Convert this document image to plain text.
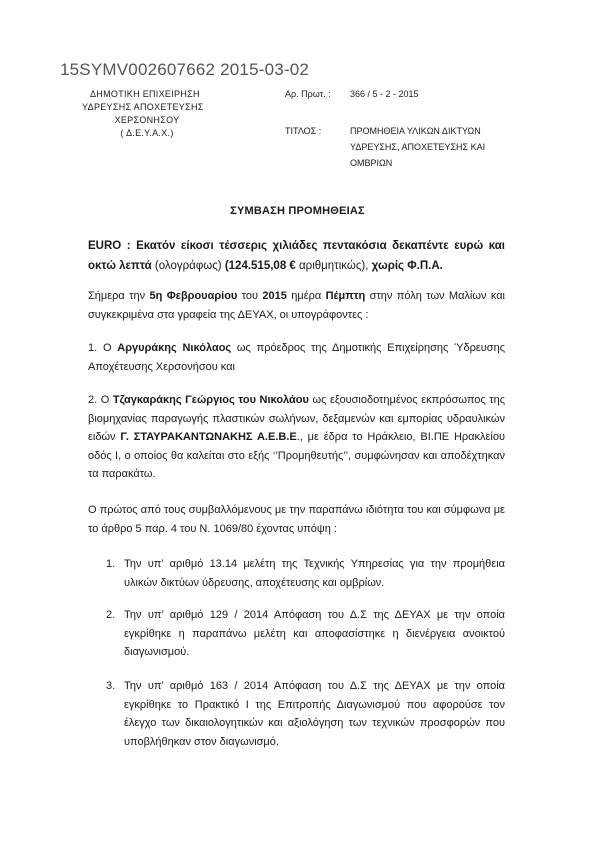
15SYMV002607662 2015-03-02
ΔΗΜΟΤΙΚΗ ΕΠΙΧΕΙΡΗΣΗ
ΥΔΡΕΥΣΗΣ ΑΠΟΧΕΤΕΥΣΗΣ
ΧΕΡΣΟΝΗΣΟΥ
( Δ.Ε.Υ.Α.Χ.)
Αρ. Πρωτ. : 366 / 5 - 2 - 2015
ΤΙΤΛΟΣ :	ΠΡΟΜΗΘΕΙΑ ΥΛΙΚΩΝ ΔΙΚΤΥΩΝ
ΥΔΡΕΥΣΗΣ, ΑΠΟΧΕΤΕΥΣΗΣ ΚΑΙ
ΟΜΒΡΙΩΝ
ΣΥΜΒΑΣΗ ΠΡΟΜΗΘΕΙΑΣ
EURO : Εκατόν είκοσι τέσσερις χιλιάδες πεντακόσια δεκαπέντε ευρώ και οκτώ λεπτά (ολογράφως) (124.515,08 € αριθμητικώς), χωρίς Φ.Π.Α.
Σήμερα την 5η Φεβρουαρίου του 2015 ημέρα Πέμπτη στην πόλη των Μαλίων και συγκεκριμένα στα γραφεία της ΔΕΥΑΧ, οι υπογράφοντες :
1. Ο Αργυράκης Νικόλαος ως πρόεδρος της Δημοτικής Επιχείρησης Ύδρευσης Αποχέτευσης Χερσονήσου και
2. Ο Τζαγκαράκης Γεώργιος του Νικολάου ως εξουσιοδοτημένος εκπρόσωπος της βιομηχανίας παραγωγής πλαστικών σωλήνων, δεξαμενών και εμπορίας υδραυλικών ειδών Γ. ΣΤΑΥΡΑΚΑΝΤΩΝΑΚΗΣ Α.Ε.Β.Ε., με έδρα το Ηράκλειο, ΒΙ.ΠΕ Ηρακλείου οδός Ι, ο οποίος θα καλείται στο εξής ‘’Προμηθευτής’’, συμφώνησαν και αποδέχτηκαν τα παρακάτω.
Ο πρώτος από τους συμβαλλόμενους με την παραπάνω ιδιότητα του και σύμφωνα με το άρθρο 5 παρ. 4 του Ν. 1069/80 έχοντας υπόψη :
1. Την υπ’ αριθμό 13.14 μελέτη της Τεχνικής Υπηρεσίας για την προμήθεια υλικών δικτύων ύδρευσης, αποχέτευσης και ομβρίων.
2. Την υπ’ αριθμό 129 / 2014 Απόφαση του Δ.Σ της ΔΕΥΑΧ με την οποία εγκρίθηκε η παραπάνω μελέτη και αποφασίστηκε η διενέργεια ανοικτού διαγωνισμού.
3. Την υπ’ αριθμό 163 / 2014 Απόφαση του Δ.Σ της ΔΕΥΑΧ με την οποία εγκρίθηκε το Πρακτικό Ι της Επιτροπής Διαγωνισμού που αφορούσε τον έλεγχο των δικαιολογητικών και αξιολόγηση των τεχνικών προσφορών που υποβλήθηκαν στον διαγωνισμό.
